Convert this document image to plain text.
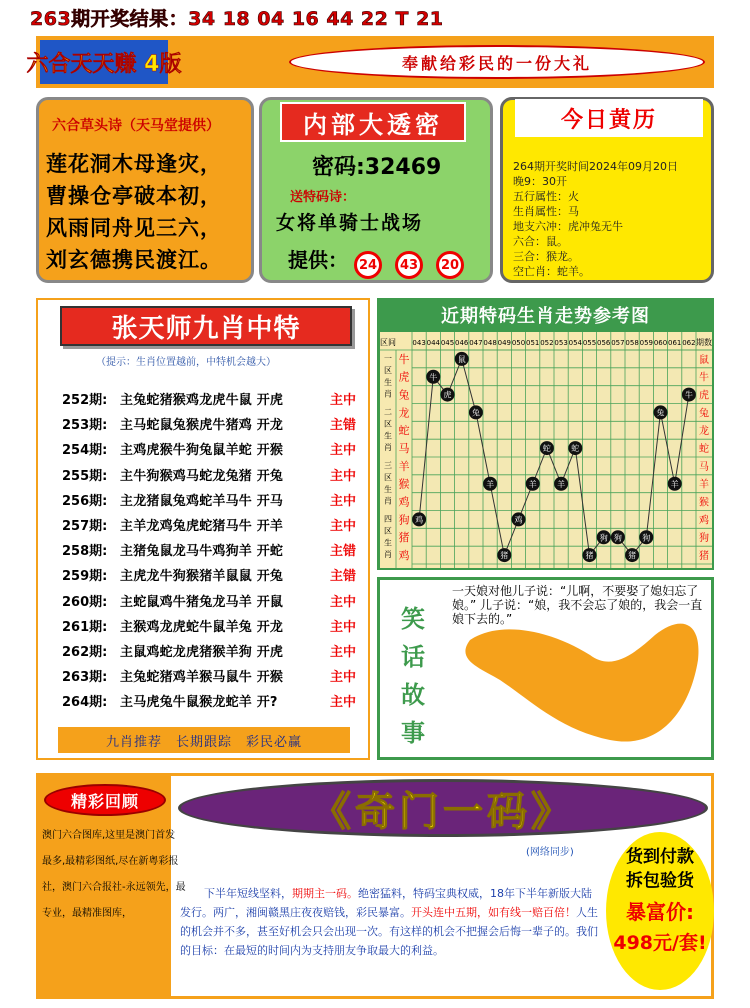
263期开奖结果：34 18 04 16 44 22 T 21
六合天天赚 4版	奉献给彩民的一份大礼
六合草头诗（天马堂提供）
莲花洞木母逢灾，
曹操仓亭破本初，
风雨同舟见三六，
刘玄德携民渡江。
内部大透密
密码:32469
送特码诗：
女将单骑士战场
提供： 24	43	20
今日黄历
264期开奖时间2024年09月20日
晚9：30开
五行属性：火
生肖属性：马
地支六冲：虎冲兔无牛
六合：鼠。
三合：猴龙。
空亡肖：蛇羊。
张天师九肖中特
（提示：生肖位置越前，中特机会越大）
252期: 主兔蛇猪猴鸡龙虎牛鼠 开虎	主中
253期: 主马蛇鼠兔猴虎牛猪鸡 开龙	主错
254期: 主鸡虎猴牛狗兔鼠羊蛇 开猴	主中
255期: 主牛狗猴鸡马蛇龙兔猪 开兔	主中
256期: 主龙猪鼠兔鸡蛇羊马牛 开马	主中
257期: 主羊龙鸡兔虎蛇猪马牛 开羊	主中
258期: 主猪兔鼠龙马牛鸡狗羊 开蛇	主错
259期: 主虎龙牛狗猴猪羊鼠鼠 开兔	主错
260期: 主蛇鼠鸡牛猪兔龙马羊 开鼠	主中
261期: 主猴鸡龙虎蛇牛鼠羊兔 开龙	主中
262期: 主鼠鸡蛇龙虎猪猴羊狗 开虎	主中
263期: 主兔蛇猪鸡羊猴马鼠牛 开猴	主中
264期: 主马虎兔牛鼠猴龙蛇羊 开?	主中
九肖推荐　长期跟踪　彩民必赢
近期特码生肖走势参考图
区间	期数
043 044 045 046 047 048 049 050 051 052 053 054 055 056 057 058 059 060 061 062
一
区
生
肖
二
区
生
肖
三
区
生
肖
四
区
生
肖
牛
虎
兔
龙
蛇
马
羊
猴
鸡
狗
猪
鸡
鼠
牛
虎
兔
龙
蛇
马
羊
猴
鸡
狗
猪
鸡
牛
虎
鼠
兔
羊
猪
鸡
羊
蛇
羊
蛇
猪
狗 狗
猪
狗
兔
羊
牛
笑
话
故
事
一天娘对他儿子说：“儿啊，不要娶了媳妇忘了娘。” 儿子说：“娘，我不会忘了娘的，我会一直娘下去的。”
精彩回顾
澳门六合图库,这里是澳门首发
最多,最精彩图纸,尽在新粤彩报
社，澳门六合报社-永远领先，最
专业，最精准图库，
《奇门一码》
(网络同步)
下半年短线坚料，期期主一码。绝密猛料，特码宝典权威，18年下半年新版大陆发行。两广，湘闽赣黑庄夜夜赔钱，彩民暴富。开头连中五期，如有线一赔百倍！人生的机会并不多，甚至好机会只会出现一次。有这样的机会不把握会后悔一辈子的。我们的目标：在最短的时间内为支持朋友争取最大的利益。
货到付款
拆包验货
暴富价:
498元/套!
